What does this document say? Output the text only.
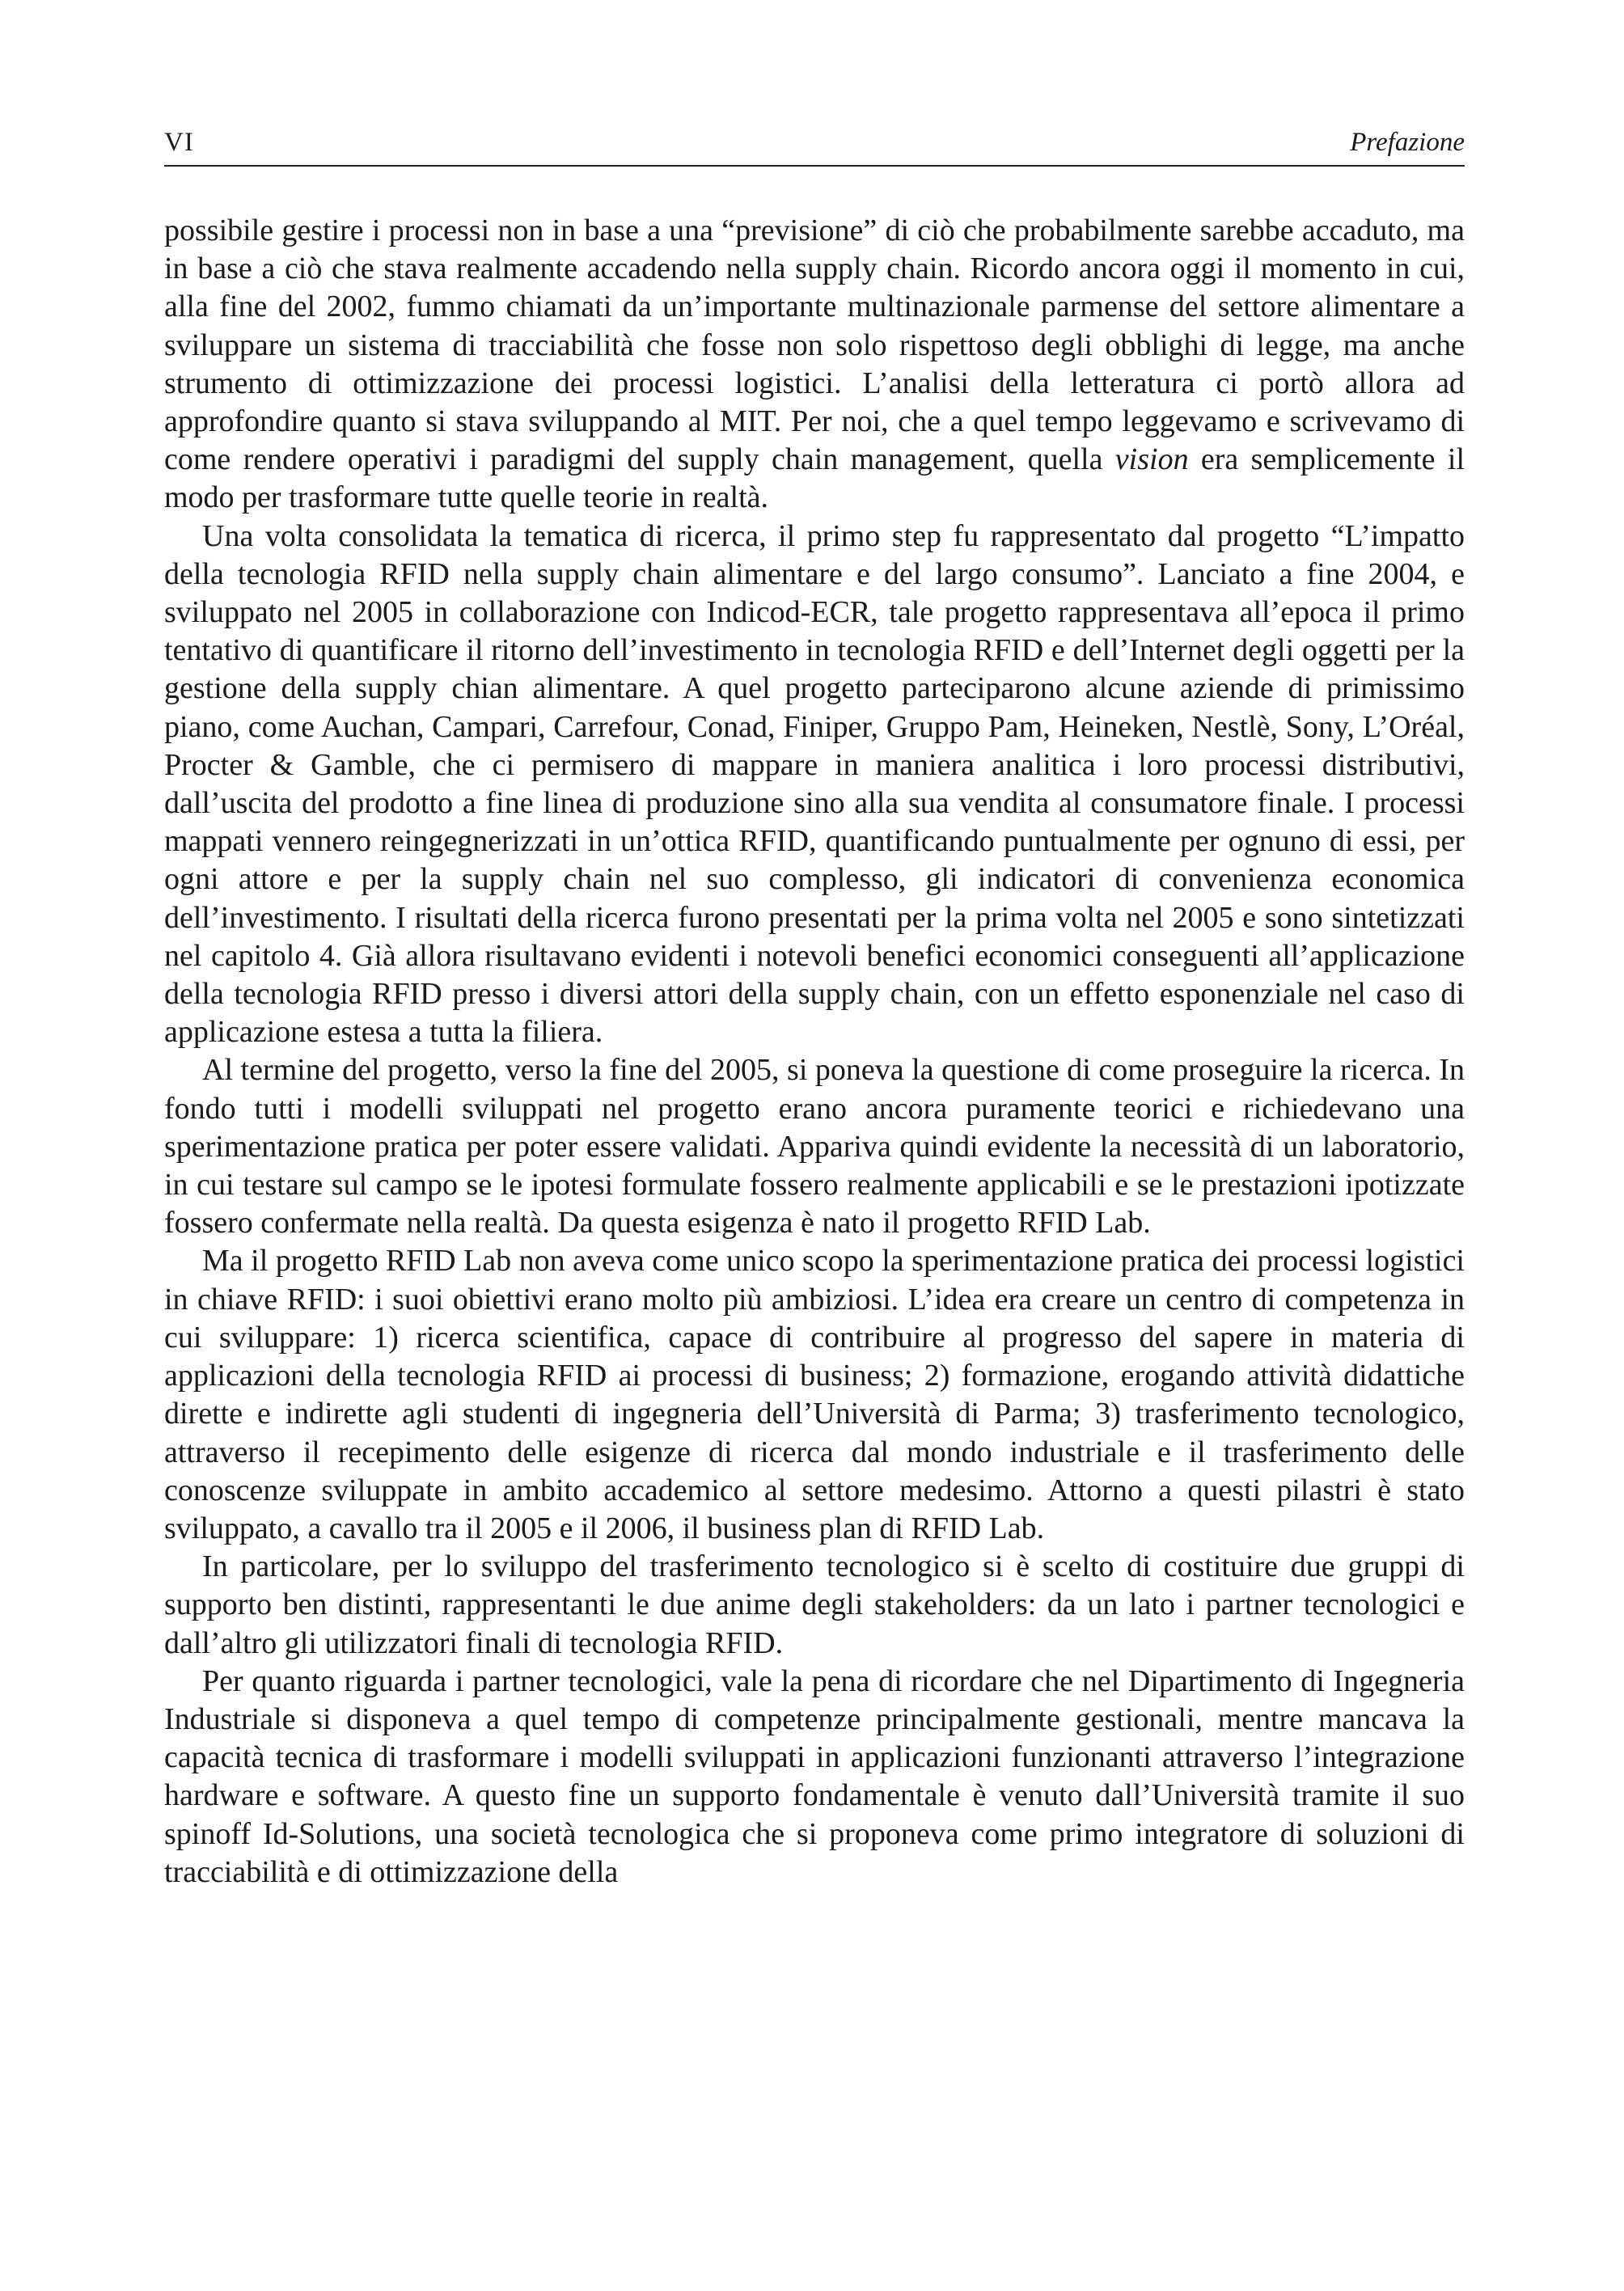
VI	Prefazione

possibile gestire i processi non in base a una “previsione” di ciò che probabilmente sarebbe accaduto, ma in base a ciò che stava realmente accadendo nella supply chain. Ricordo ancora oggi il momento in cui, alla fine del 2002, fummo chiamati da un’importante multinazionale parmense del settore alimentare a sviluppare un sistema di tracciabilità che fosse non solo rispettoso degli obblighi di legge, ma anche strumento di ottimizzazione dei processi logistici. L’analisi della letteratura ci portò allora ad approfondire quanto si stava sviluppando al MIT. Per noi, che a quel tempo leggevamo e scrivevamo di come rendere operativi i paradigmi del supply chain management, quella vision era semplicemente il modo per trasformare tutte quelle teorie in realtà.

Una volta consolidata la tematica di ricerca, il primo step fu rappresentato dal progetto “L’impatto della tecnologia RFID nella supply chain alimentare e del largo consumo”. Lanciato a fine 2004, e sviluppato nel 2005 in collaborazione con Indicod-ECR, tale progetto rappresentava all’epoca il primo tentativo di quantificare il ritorno dell’investimento in tecnologia RFID e dell’Internet degli oggetti per la gestione della supply chian alimentare. A quel progetto parteciparono alcune aziende di primissimo piano, come Auchan, Campari, Carrefour, Conad, Finiper, Gruppo Pam, Heineken, Nestlè, Sony, L’Oréal, Procter & Gamble, che ci permisero di mappare in maniera analitica i loro processi distributivi, dall’uscita del prodotto a fine linea di produzione sino alla sua vendita al consumatore finale. I processi mappati vennero reingegnerizzati in un’ottica RFID, quantificando puntualmente per ognuno di essi, per ogni attore e per la supply chain nel suo complesso, gli indicatori di convenienza economica dell’investimento. I risultati della ricerca furono presentati per la prima volta nel 2005 e sono sintetizzati nel capitolo 4. Già allora risultavano evidenti i notevoli benefici economici conseguenti all’applicazione della tecnologia RFID presso i diversi attori della supply chain, con un effetto esponenziale nel caso di applicazione estesa a tutta la filiera.

Al termine del progetto, verso la fine del 2005, si poneva la questione di come proseguire la ricerca. In fondo tutti i modelli sviluppati nel progetto erano ancora puramente teorici e richiedevano una sperimentazione pratica per poter essere validati. Appariva quindi evidente la necessità di un laboratorio, in cui testare sul campo se le ipotesi formulate fossero realmente applicabili e se le prestazioni ipotizzate fossero confermate nella realtà. Da questa esigenza è nato il progetto RFID Lab.

Ma il progetto RFID Lab non aveva come unico scopo la sperimentazione pratica dei processi logistici in chiave RFID: i suoi obiettivi erano molto più ambiziosi. L’idea era creare un centro di competenza in cui sviluppare: 1) ricerca scientifica, capace di contribuire al progresso del sapere in materia di applicazioni della tecnologia RFID ai processi di business; 2) formazione, erogando attività didattiche dirette e indirette agli studenti di ingegneria dell’Università di Parma; 3) trasferimento tecnologico, attraverso il recepimento delle esigenze di ricerca dal mondo industriale e il trasferimento delle conoscenze sviluppate in ambito accademico al settore medesimo. Attorno a questi pilastri è stato sviluppato, a cavallo tra il 2005 e il 2006, il business plan di RFID Lab.

In particolare, per lo sviluppo del trasferimento tecnologico si è scelto di costituire due gruppi di supporto ben distinti, rappresentanti le due anime degli stakeholders: da un lato i partner tecnologici e dall’altro gli utilizzatori finali di tecnologia RFID.

Per quanto riguarda i partner tecnologici, vale la pena di ricordare che nel Dipartimento di Ingegneria Industriale si disponeva a quel tempo di competenze principalmente gestionali, mentre mancava la capacità tecnica di trasformare i modelli sviluppati in applicazioni funzionanti attraverso l’integrazione hardware e software. A questo fine un supporto fondamentale è venuto dall’Università tramite il suo spinoff Id-Solutions, una società tecnologica che si proponeva come primo integratore di soluzioni di tracciabilità e di ottimizzazione della
